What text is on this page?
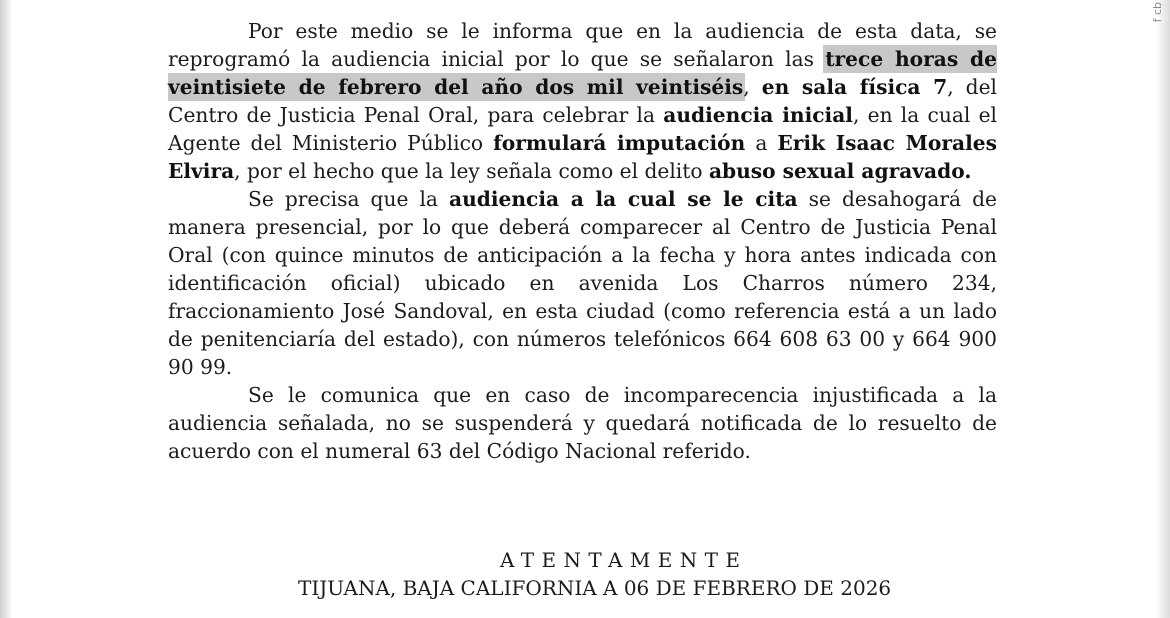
f cb

Por este medio se le informa que en la audiencia de esta data, se reprogramó la audiencia inicial por lo que se señalaron las trece horas de veintisiete de febrero del año dos mil veintiséis, en sala física 7, del Centro de Justicia Penal Oral, para celebrar la audiencia inicial, en la cual el Agente del Ministerio Público formulará imputación a Erik Isaac Morales Elvira, por el hecho que la ley señala como el delito abuso sexual agravado.

Se precisa que la audiencia a la cual se le cita se desahogará de manera presencial, por lo que deberá comparecer al Centro de Justicia Penal Oral (con quince minutos de anticipación a la fecha y hora antes indicada con identificación oficial) ubicado en avenida Los Charros número 234, fraccionamiento José Sandoval, en esta ciudad (como referencia está a un lado de penitenciaría del estado), con números telefónicos 664 608 63 00 y 664 900 90 99.

Se le comunica que en caso de incomparecencia injustificada a la audiencia señalada, no se suspenderá y quedará notificada de lo resuelto de acuerdo con el numeral 63 del Código Nacional referido.

ATENTAMENTE
TIJUANA, BAJA CALIFORNIA A 06 DE FEBRERO DE 2026
